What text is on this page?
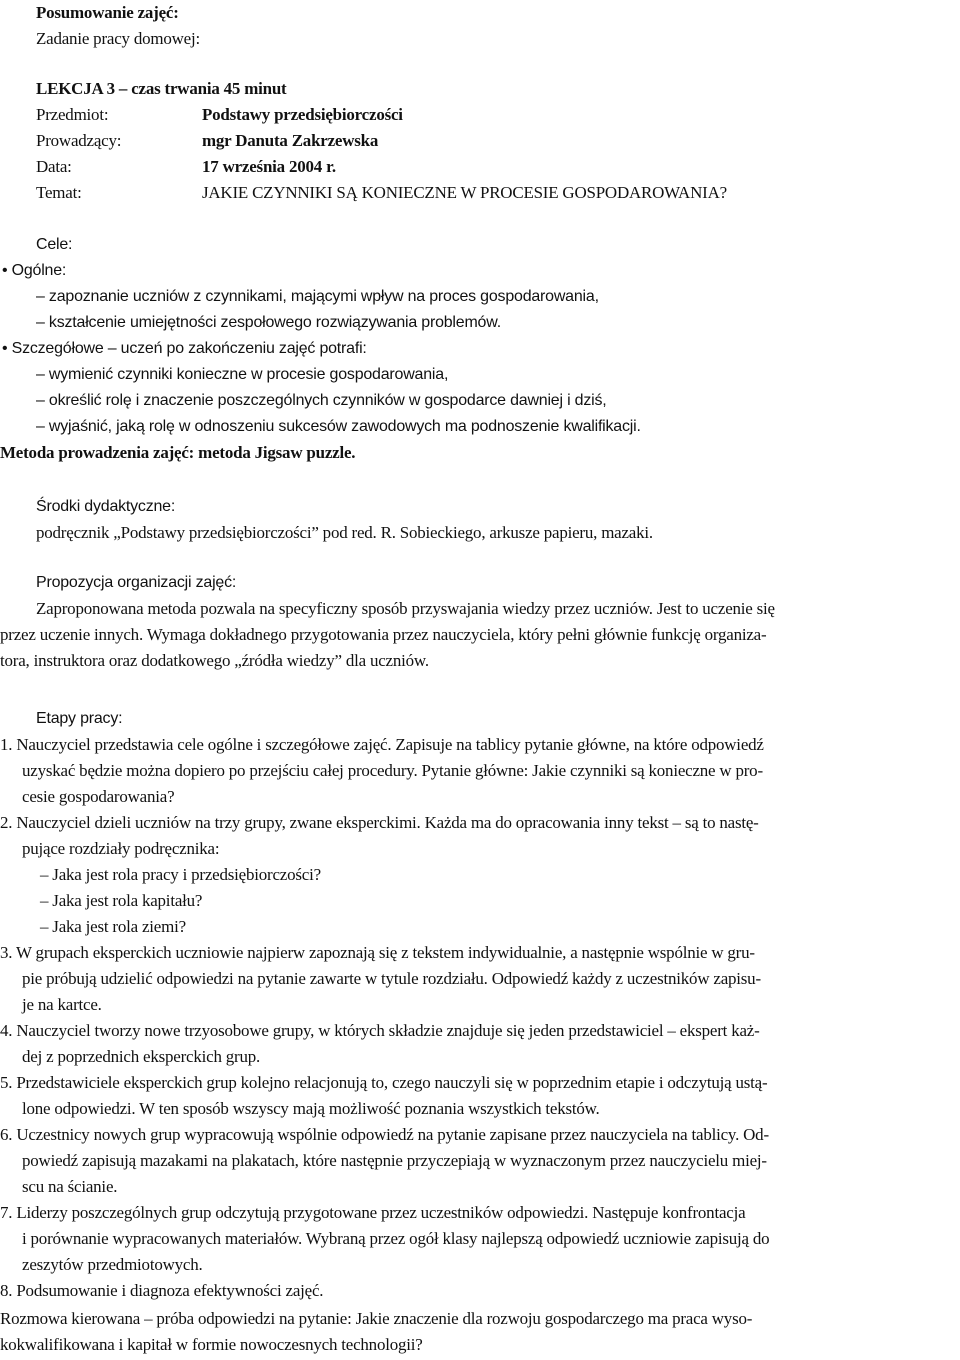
Posumowanie zajęć:
Zadanie pracy domowej:
LEKCJA 3 – czas trwania 45 minut
Przedmiot:	Podstawy przedsiębiorczości
Prowadzący:	mgr Danuta Zakrzewska
Data:	17 września 2004 r.
Temat:	JAKIE CZYNNIKI SĄ KONIECZNE W PROCESIE GOSPODAROWANIA?
Cele:
• Ogólne:
– zapoznanie uczniów z czynnikami, mającymi wpływ na proces gospodarowania,
– kształcenie umiejętności zespołowego rozwiązywania problemów.
• Szczegółowe – uczeń po zakończeniu zajęć potrafi:
– wymienić czynniki konieczne w procesie gospodarowania,
– określić rolę i znaczenie poszczególnych czynników w gospodarce dawniej i dziś,
– wyjaśnić, jaką rolę w odnoszeniu sukcesów zawodowych ma podnoszenie kwalifikacji.
Metoda prowadzenia zajęć: metoda Jigsaw puzzle.
Środki dydaktyczne:
podręcznik „Podstawy przedsiębiorczości” pod red. R. Sobieckiego, arkusze papieru, mazaki.
Propozycja organizacji zajęć:
Zaproponowana metoda pozwala na specyficzny sposób przyswajania wiedzy przez uczniów. Jest to uczenie się
przez uczenie innych. Wymaga dokładnego przygotowania przez nauczyciela, który pełni głównie funkcję organiza-
tora, instruktora oraz dodatkowego „źródła wiedzy” dla uczniów.
Etapy pracy:
1. Nauczyciel przedstawia cele ogólne i szczegółowe zajęć. Zapisuje na tablicy pytanie główne, na które odpowiedź
uzyskać będzie można dopiero po przejściu całej procedury. Pytanie główne: Jakie czynniki są konieczne w pro-
cesie gospodarowania?
2. Nauczyciel dzieli uczniów na trzy grupy, zwane eksperckimi. Każda ma do opracowania inny tekst – są to nastę-
pujące rozdziały podręcznika:
– Jaka jest rola pracy i przedsiębiorczości?
– Jaka jest rola kapitału?
– Jaka jest rola ziemi?
3. W grupach eksperckich uczniowie najpierw zapoznają się z tekstem indywidualnie, a następnie wspólnie w gru-
pie próbują udzielić odpowiedzi na pytanie zawarte w tytule rozdziału. Odpowiedź każdy z uczestników zapisu-
je na kartce.
4. Nauczyciel tworzy nowe trzyosobowe grupy, w których składzie znajduje się jeden przedstawiciel – ekspert każ-
dej z poprzednich eksperckich grup.
5. Przedstawiciele eksperckich grup kolejno relacjonują to, czego nauczyli się w poprzednim etapie i odczytują ustą-
lone odpowiedzi. W ten sposób wszyscy mają możliwość poznania wszystkich tekstów.
6. Uczestnicy nowych grup wypracowują wspólnie odpowiedź na pytanie zapisane przez nauczyciela na tablicy. Od-
powiedź zapisują mazakami na plakatach, które następnie przyczepiają w wyznaczonym przez nauczycielu miej-
scu na ścianie.
7. Liderzy poszczególnych grup odczytują przygotowane przez uczestników odpowiedzi. Następuje konfrontacja
i porównanie wypracowanych materiałów. Wybraną przez ogół klasy najlepszą odpowiedź uczniowie zapisują do
zeszytów przedmiotowych.
8. Podsumowanie i diagnoza efektywności zajęć.
Rozmowa kierowana – próba odpowiedzi na pytanie: Jakie znaczenie dla rozwoju gospodarczego ma praca wyso-
kokwalifikowana i kapitał w formie nowoczesnych technologii?
